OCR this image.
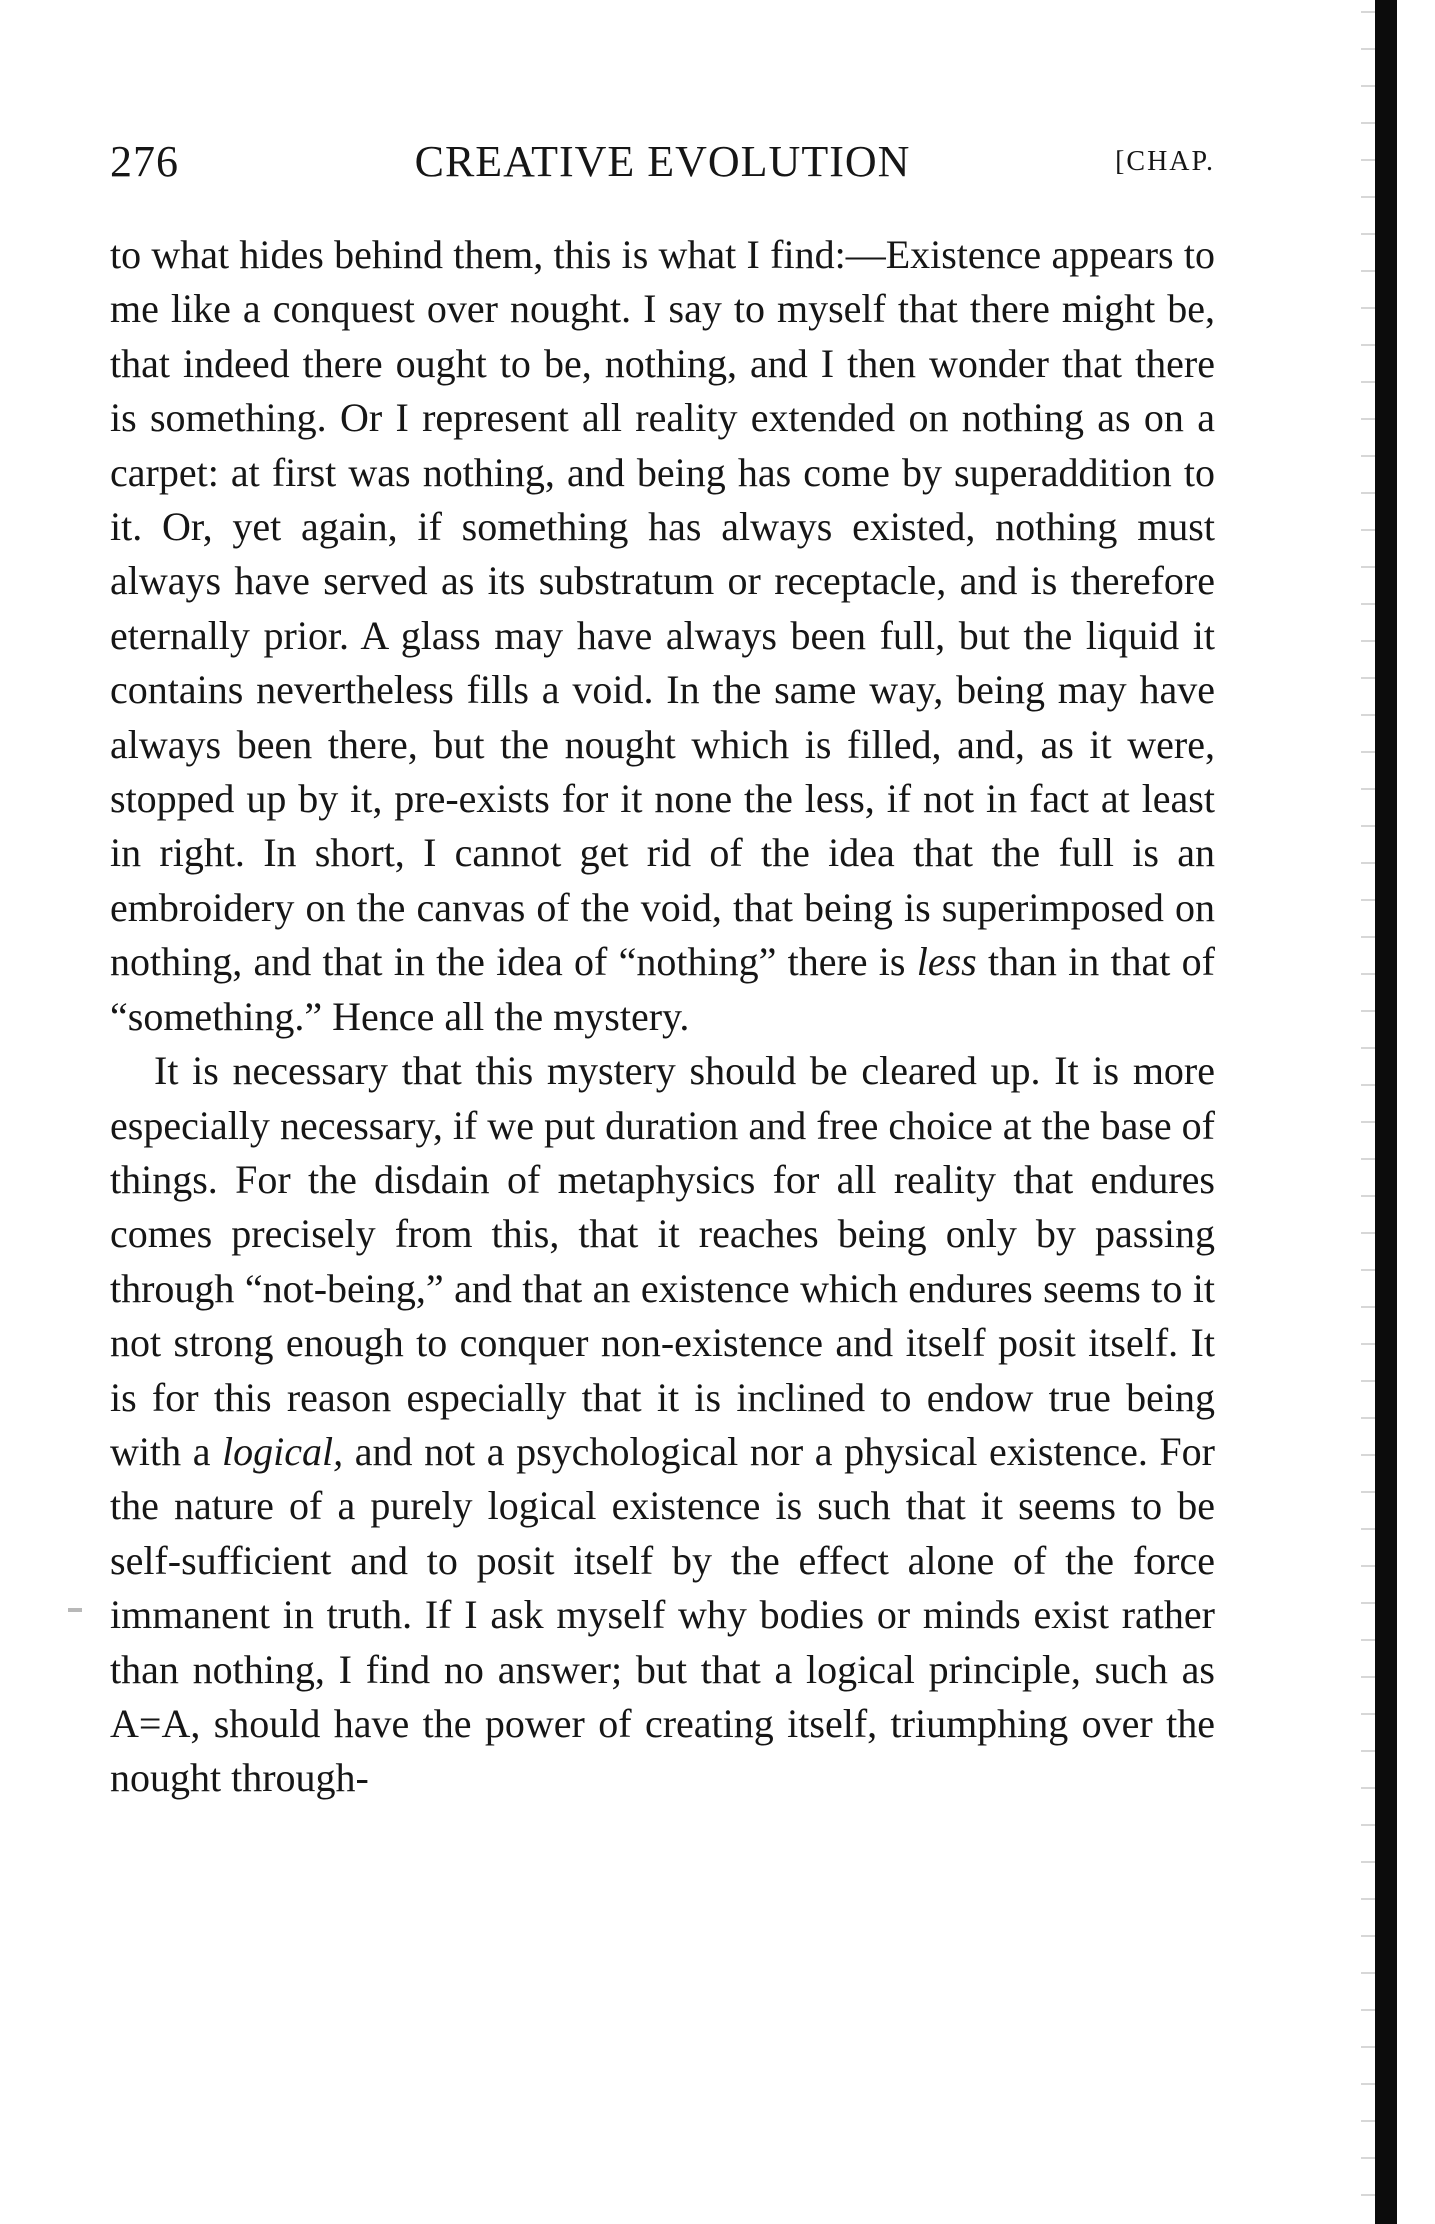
276	CREATIVE EVOLUTION	[CHAP.

to what hides behind them, this is what I find:—Existence appears to me like a conquest over nought. I say to myself that there might be, that indeed there ought to be, nothing, and I then wonder that there is something. Or I represent all reality extended on nothing as on a carpet: at first was nothing, and being has come by superaddition to it. Or, yet again, if something has always existed, nothing must always have served as its substratum or receptacle, and is therefore eternally prior. A glass may have always been full, but the liquid it contains nevertheless fills a void. In the same way, being may have always been there, but the nought which is filled, and, as it were, stopped up by it, pre-exists for it none the less, if not in fact at least in right. In short, I cannot get rid of the idea that the full is an embroidery on the canvas of the void, that being is superimposed on nothing, and that in the idea of “nothing” there is less than in that of “something.” Hence all the mystery.

It is necessary that this mystery should be cleared up. It is more especially necessary, if we put duration and free choice at the base of things. For the disdain of metaphysics for all reality that endures comes precisely from this, that it reaches being only by passing through “not-being,” and that an existence which endures seems to it not strong enough to conquer non-existence and itself posit itself. It is for this reason especially that it is inclined to endow true being with a logical, and not a psychological nor a physical existence. For the nature of a purely logical existence is such that it seems to be self-sufficient and to posit itself by the effect alone of the force immanent in truth. If I ask myself why bodies or minds exist rather than nothing, I find no answer; but that a logical principle, such as A=A, should have the power of creating itself, triumphing over the nought through-
